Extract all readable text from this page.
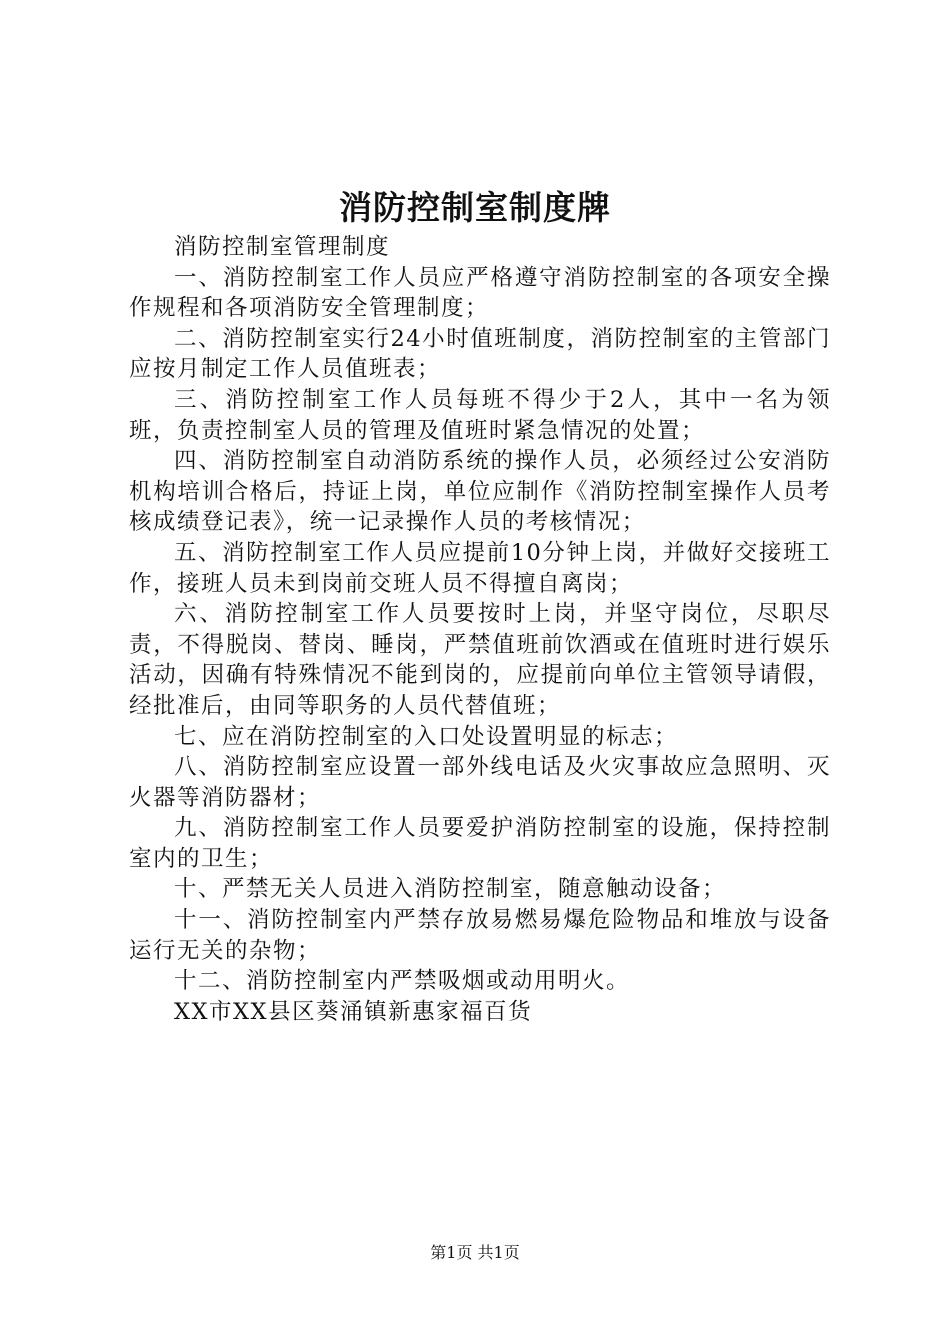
消防控制室制度牌

消防控制室管理制度

一、消防控制室工作人员应严格遵守消防控制室的各项安全操作规程和各项消防安全管理制度；

二、消防控制室实行24小时值班制度，消防控制室的主管部门应按月制定工作人员值班表；

三、消防控制室工作人员每班不得少于2人，其中一名为领班，负责控制室人员的管理及值班时紧急情况的处置；

四、消防控制室自动消防系统的操作人员，必须经过公安消防机构培训合格后，持证上岗，单位应制作《消防控制室操作人员考核成绩登记表》，统一记录操作人员的考核情况；

五、消防控制室工作人员应提前10分钟上岗，并做好交接班工作，接班人员未到岗前交班人员不得擅自离岗；

六、消防控制室工作人员要按时上岗，并坚守岗位，尽职尽责，不得脱岗、替岗、睡岗，严禁值班前饮酒或在值班时进行娱乐活动，因确有特殊情况不能到岗的，应提前向单位主管领导请假，经批准后，由同等职务的人员代替值班；

七、应在消防控制室的入口处设置明显的标志；

八、消防控制室应设置一部外线电话及火灾事故应急照明、灭火器等消防器材；

九、消防控制室工作人员要爱护消防控制室的设施，保持控制室内的卫生；

十、严禁无关人员进入消防控制室，随意触动设备；

十一、消防控制室内严禁存放易燃易爆危险物品和堆放与设备运行无关的杂物；

十二、消防控制室内严禁吸烟或动用明火。

XX市XX县区葵涌镇新惠家福百货

第1页 共1页
